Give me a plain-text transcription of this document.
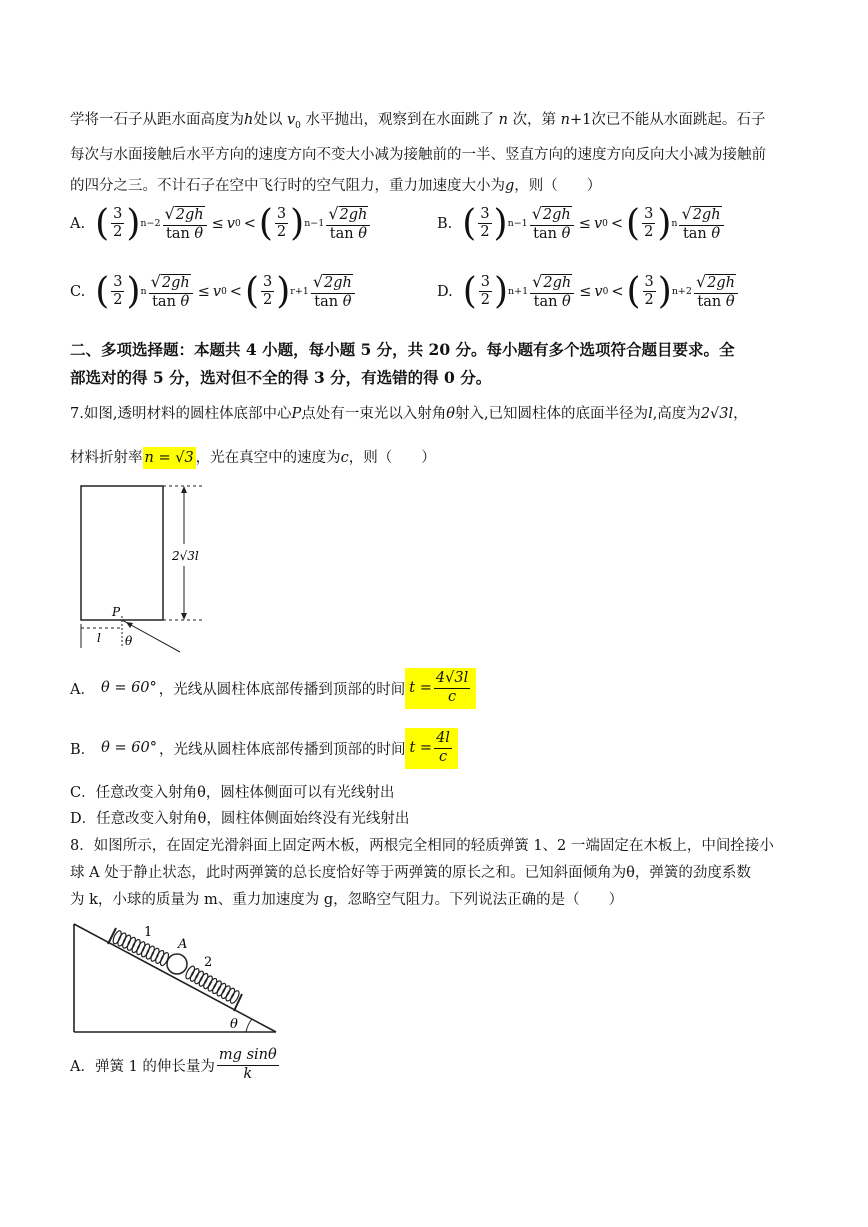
学将一石子从距水面高度为h处以 $v_0$ 水平抛出，观察到在水面跳了 n 次，第 n+1次已不能从水面跳起。石子
每次与水面接触后水平方向的速度方向不变大小减为接触前的一半、竖直方向的速度方向反向大小减为接触前
的四分之三。不计石子在空中飞行时的空气阻力，重力加速度大小为g，则（　　）
A. ( $\frac{3}{2}$ ) $n-2 \frac{√2gh}{\text{tan θ}} \le v$ 0 < ( $\frac{3}{2}$ ) $n-1 \frac{√2gh}{\text{tan θ}}$	B. ( $\frac{3}{2}$ ) $n-1 \frac{√2gh}{\text{tan θ}} \le v$ 0 < ( $\frac{3}{2}$ ) n $\frac{√2gh}{\text{tan θ}}$
C. ( $\frac{3}{2}$ ) n $\frac{√2gh}{\text{tan θ}} \le v$ 0 < ( $\frac{3}{2}$ ) $r+1 \frac{√2gh}{\text{tan θ}}$	D. ( $\frac{3}{2}$ ) $n+1 \frac{√2gh}{\text{tan θ}} \le v$ 0 < ( $\frac{3}{2}$ ) $n+2 \frac{√2gh}{\text{tan θ}}$
二、多项选择题：本题共 4 小题，每小题 5 分，共 20 分。每小题有多个选项符合题目要求。全
部选对的得 5 分，选对但不全的得 3 分，有选错的得 0 分。
7.如图,透明材料的圆柱体底部中心P点处有一束光以入射角θ射入,已知圆柱体的底面半径为l,高度为2√3l，
材料折射率 n = √3 ，光在真空中的速度为c，则（　　）
2√3l
l
P
θ
A． θ = 60° ，光线从圆柱体底部传播到顶部的时间 $t = \frac{4√3l}{c}$
B． θ = 60° ，光线从圆柱体底部传播到顶部的时间 $t = \frac{4l}{c}$
C．任意改变入射角θ，圆柱体侧面可以有光线射出
D．任意改变入射角θ，圆柱体侧面始终没有光线射出
8．如图所示，在固定光滑斜面上固定两木板，两根完全相同的轻质弹簧 1、2 一端固定在木板上，中间拴接小
球 A 处于静止状态，此时两弹簧的总长度恰好等于两弹簧的原长之和。已知斜面倾角为θ，弹簧的劲度系数
为 k，小球的质量为 m、重力加速度为 g，忽略空气阻力。下列说法正确的是（　　）
1
A
2
θ
A．弹簧 1 的伸长量为 $\frac{\text{mg sinθ}}{k}$
